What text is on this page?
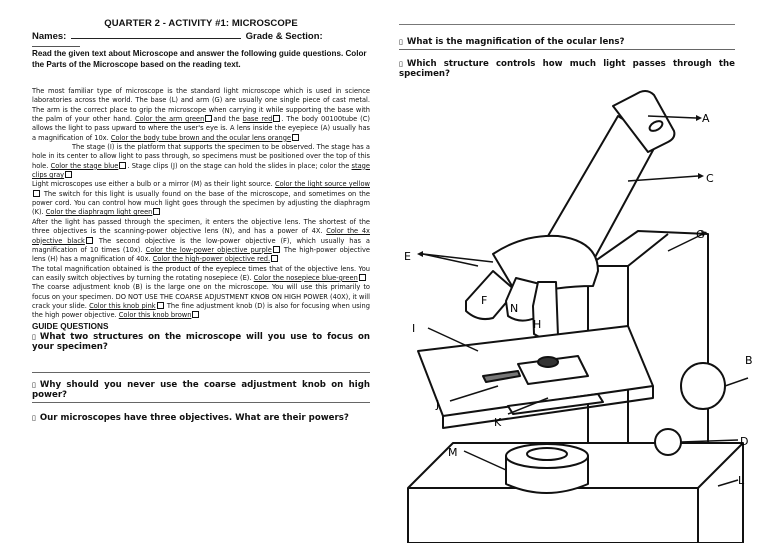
QUARTER 2 - ACTIVITY #1: MICROSCOPE
Names:	Grade & Section:
Read the given text about Microscope and answer the following guide questions. Color the Parts of the Microscope based on the reading text.

The most familiar type of microscope is the standard light microscope which is used in science laboratories across the world. The base (L) and arm (G) are usually one single piece of cast metal. The arm is the correct place to grip the microscope when carrying it while supporting the base with the palm of your other hand. Color the arm green and the base red . The body 00100tube (C) allows the light to pass upward to where the user's eye is. A lens inside the eyepiece (A) usually has a magnification of 10x. Color the body tube brown and the ocular lens orange

The stage (I) is the platform that supports the specimen to be observed. The stage has a hole in its center to allow light to pass through, so specimens must be positioned over the top of this hole. Color the stage blue . Stage clips (J) on the stage can hold the slides in place; color the stage clips gray

Light microscopes use either a bulb or a mirror (M) as their light source. Color the light source yellow The switch for this light is usually found on the base of the microscope, and sometimes on the power cord. You can control how much light goes through the specimen by adjusting the diaphragm (K). Color the diaphragm light green

After the light has passed through the specimen, it enters the objective lens. The shortest of the three objectives is the scanning-power objective lens (N), and has a power of 4X. Color the 4x objective black The second objective is the low-power objective (F), which usually has a magnification of 10 times (10x). Color the low-power objective purple The high-power objective lens (H) has a magnification of 40x. Color the high-power objective red.

The total magnification obtained is the product of the eyepiece times that of the objective lens. You can easily switch objectives by turning the rotating nosepiece (E). Color the nosepiece blue-green

The coarse adjustment knob (B) is the large one on the microscope. You will use this primarily to focus on your specimen. DO NOT USE THE COARSE ADJUSTMENT KNOB ON HIGH POWER (40X), it will crack your slide. Color this knob pink The fine adjustment knob (D) is also for focusing when using the high power objective. Color this knob brown

GUIDE QUESTIONS
▯ What two structures on the microscope will you use to focus on your specimen?
▯ Why should you never use the coarse adjustment knob on high power?
▯ Our microscopes have three objectives. What are their powers?
▯ What is the magnification of the ocular lens?
▯ Which structure controls how much light passes through the specimen?
A
B
C
D
E
F
G
H
I
J
K
L
M
N
